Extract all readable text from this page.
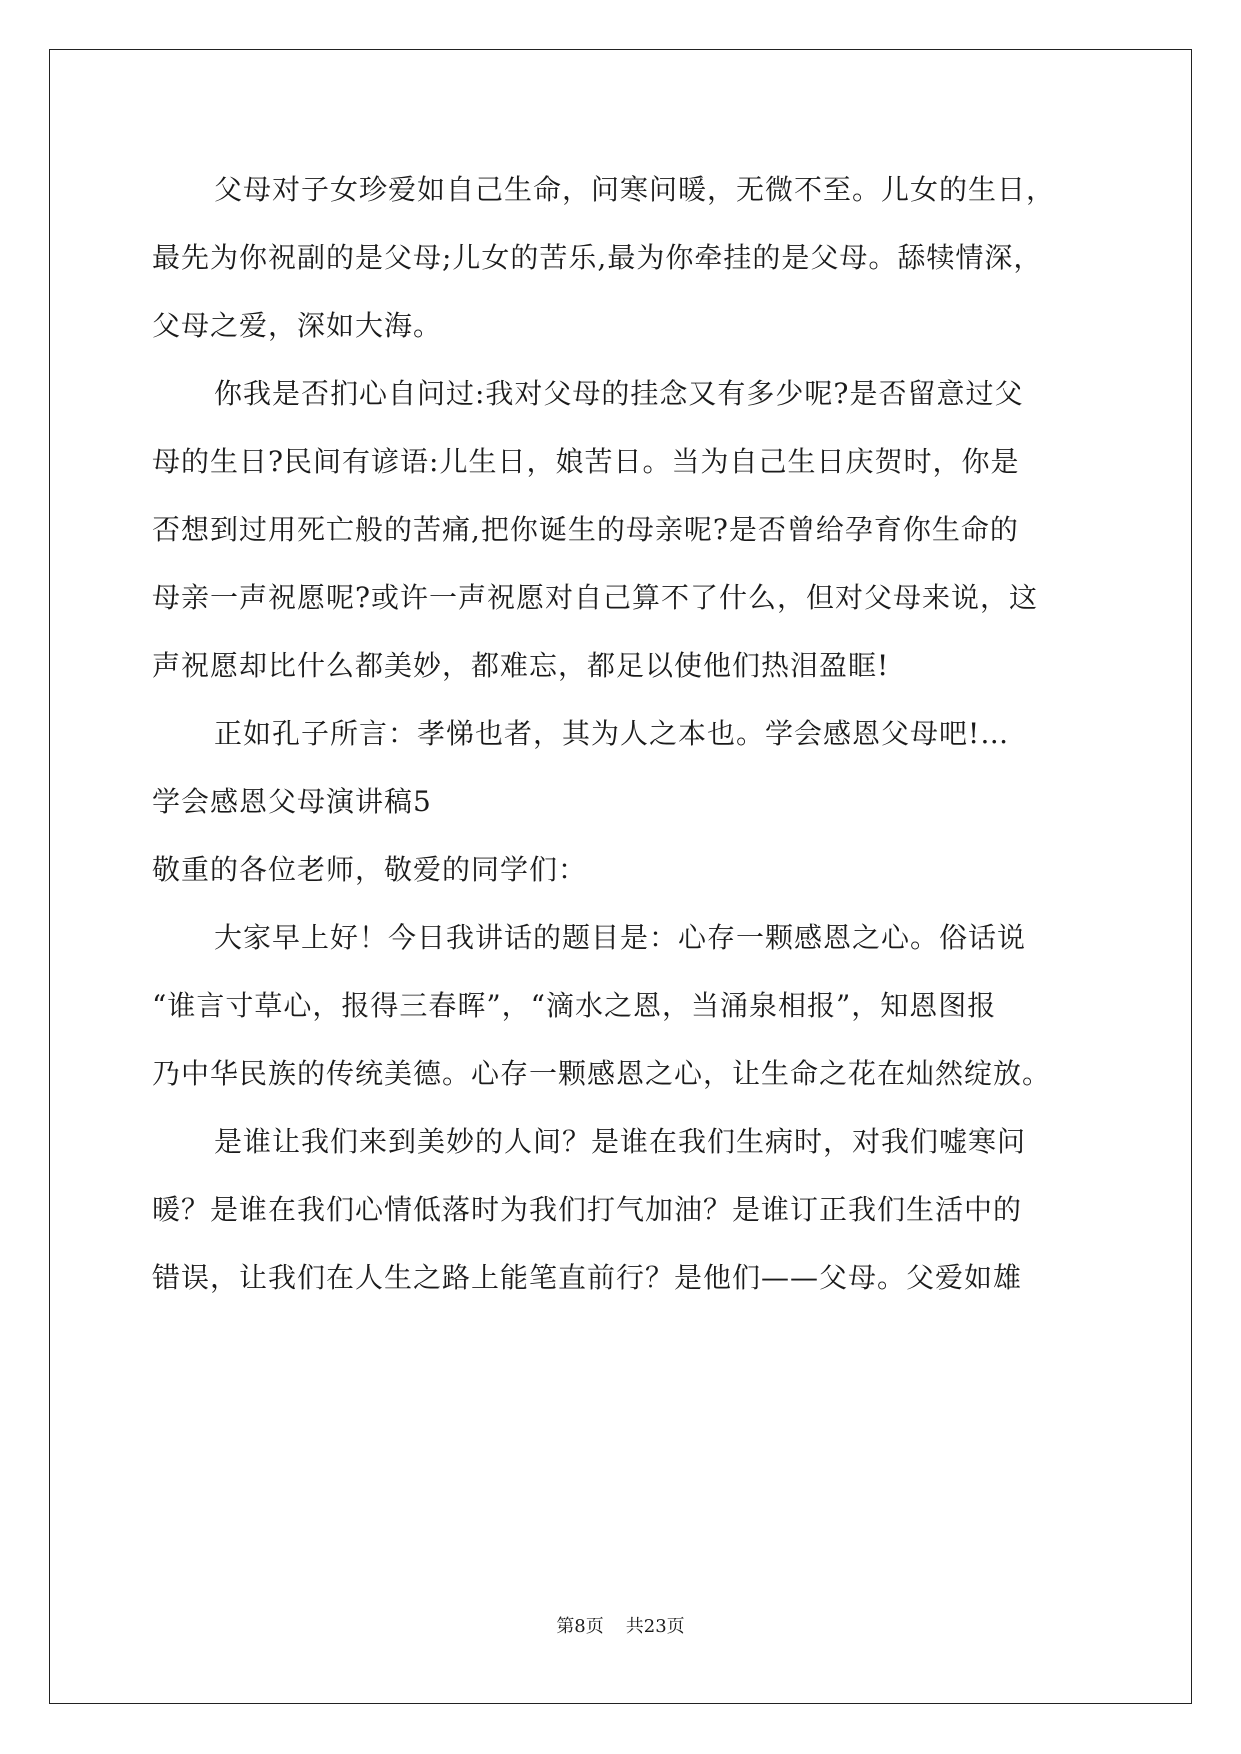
父母对子女珍爱如自己生命，问寒问暖，无微不至。儿女的生日，
最先为你祝副的是父母;儿女的苦乐,最为你牵挂的是父母。舔犊情深，
父母之爱，深如大海。
你我是否扪心自问过:我对父母的挂念又有多少呢?是否留意过父
母的生日?民间有谚语:儿生日，娘苦日。当为自己生日庆贺时，你是
否想到过用死亡般的苦痛,把你诞生的母亲呢?是否曾给孕育你生命的
母亲一声祝愿呢?或许一声祝愿对自己算不了什么，但对父母来说，这
声祝愿却比什么都美妙，都难忘，都足以使他们热泪盈眶!
正如孔子所言：孝悌也者，其为人之本也。学会感恩父母吧!…
学会感恩父母演讲稿5
敬重的各位老师，敬爱的同学们：
大家早上好！今日我讲话的题目是：心存一颗感恩之心。俗话说
“谁言寸草心，报得三春晖”，“滴水之恩，当涌泉相报”，知恩图报
乃中华民族的传统美德。心存一颗感恩之心，让生命之花在灿然绽放。
是谁让我们来到美妙的人间？是谁在我们生病时，对我们嘘寒问
暖？是谁在我们心情低落时为我们打气加油？是谁订正我们生活中的
错误，让我们在人生之路上能笔直前行？是他们——父母。父爱如雄
第8页 共23页
